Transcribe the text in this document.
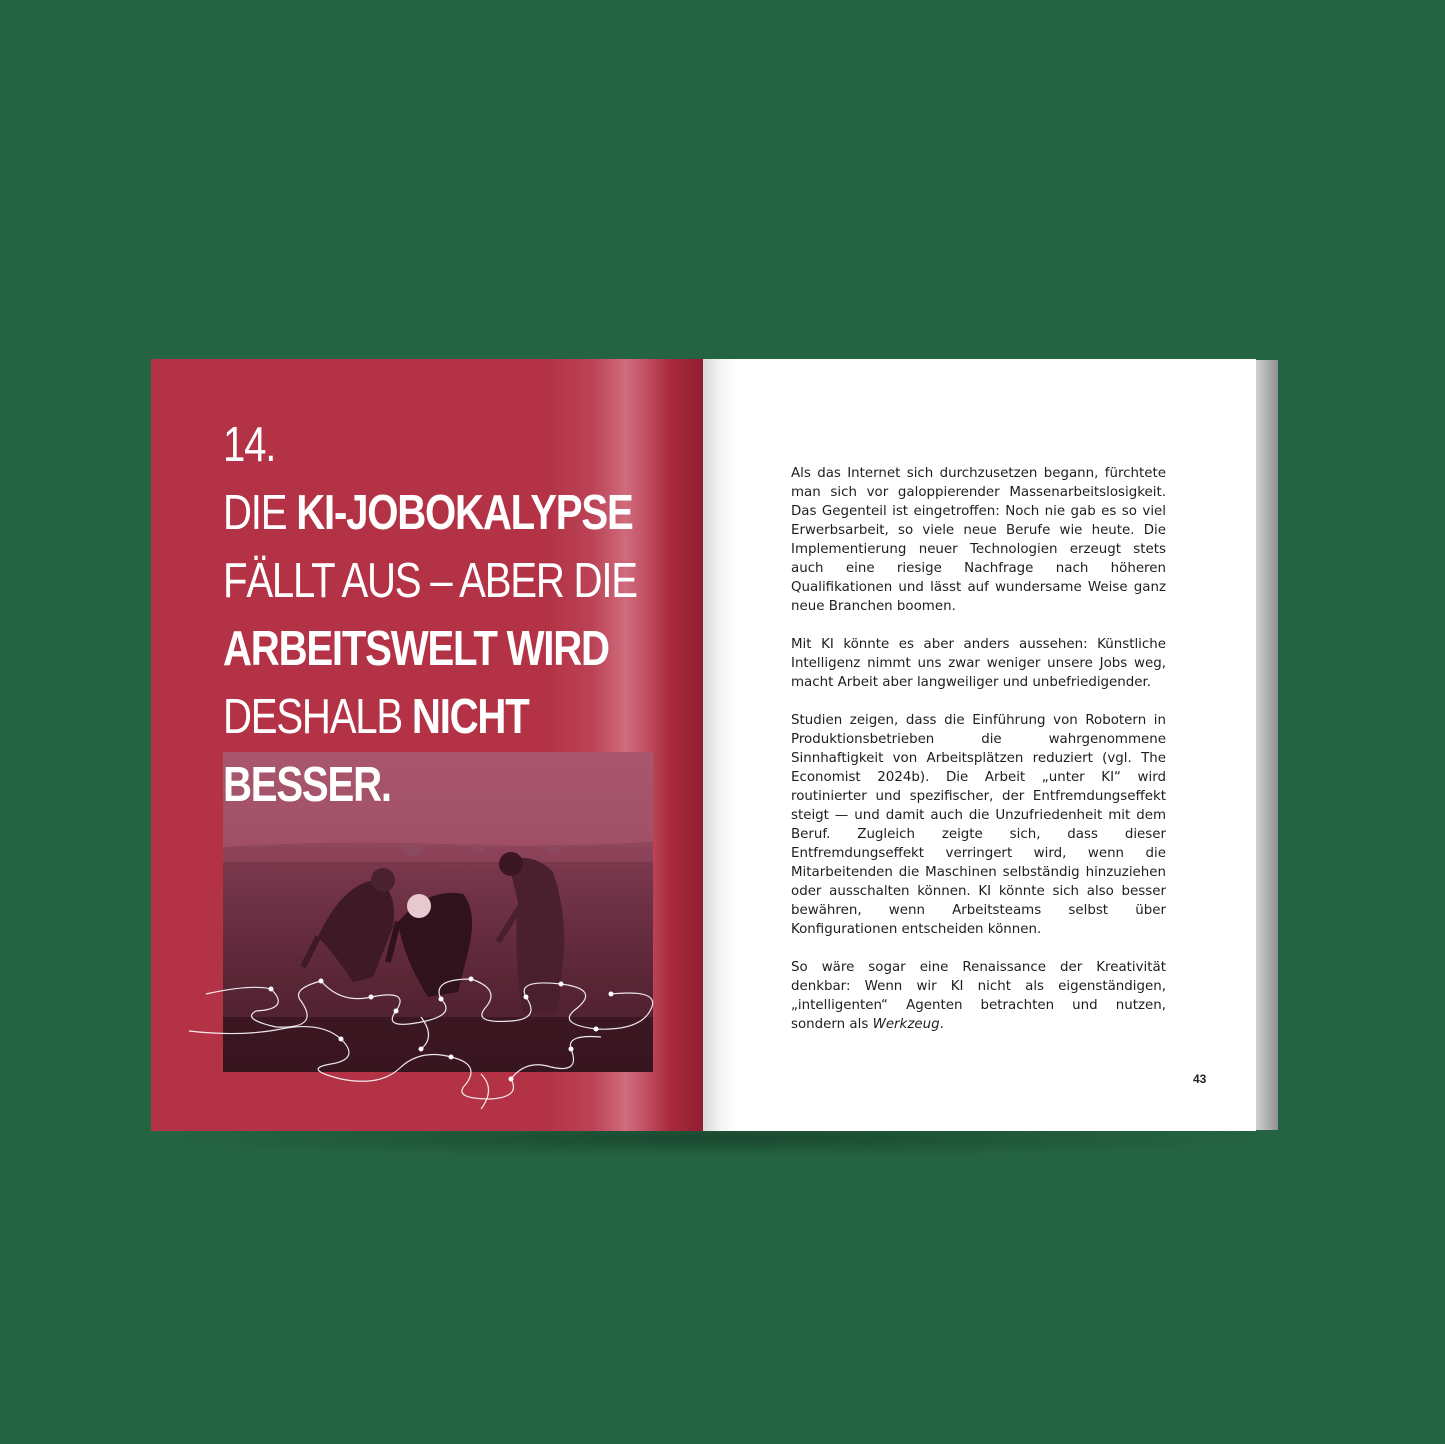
14.
DIE KI-JOBOKALYPSE
FÄLLT AUS – ABER DIE
ARBEITSWELT WIRD
DESHALB NICHT
BESSER.

Als das Internet sich durchzusetzen begann, fürchtete man sich vor galoppierender Massenarbeitslosigkeit. Das Gegenteil ist eingetroffen: Noch nie gab es so viel Erwerbsarbeit, so viele neue Berufe wie heute. Die Implementierung neuer Technologien erzeugt stets auch eine riesige Nachfrage nach höheren Qualifikationen und lässt auf wundersame Weise ganz neue Branchen boomen.

Mit KI könnte es aber anders aussehen: Künstliche Intelligenz nimmt uns zwar weniger unsere Jobs weg, macht Arbeit aber langweiliger und unbefriedigender.

Studien zeigen, dass die Einführung von Robotern in Produktionsbetrieben die wahrgenommene Sinnhaftigkeit von Arbeitsplätzen reduziert (vgl. The Economist 2024b). Die Arbeit „unter KI“ wird routinierter und spezifischer, der Entfremdungseffekt steigt — und damit auch die Unzufriedenheit mit dem Beruf. Zugleich zeigte sich, dass dieser Entfremdungseffekt verringert wird, wenn die Mitarbeitenden die Maschinen selbständig hinzuziehen oder ausschalten können. KI könnte sich also besser bewähren, wenn Arbeitsteams selbst über Konfigurationen entscheiden können.

So wäre sogar eine Renaissance der Kreativität denkbar: Wenn wir KI nicht als eigenständigen, „intelligenten“ Agenten betrachten und nutzen, sondern als Werkzeug.

43
